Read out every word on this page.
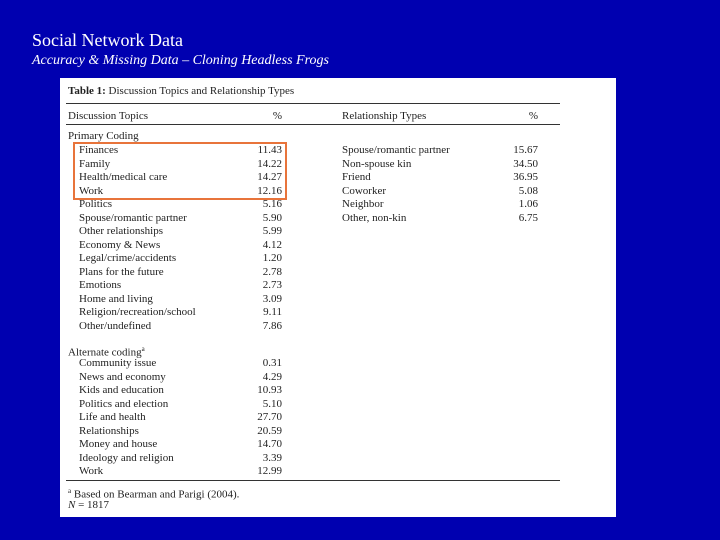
Social Network Data
Accuracy & Missing Data – Cloning Headless Frogs
Table 1: Discussion Topics and Relationship Types
Discussion Topics	%	Relationship Types	%
Primary Coding
Finances	11.43	Spouse/romantic partner	15.67
Family	14.22	Non-spouse kin	34.50
Health/medical care	14.27	Friend	36.95
Work	12.16	Coworker	5.08
Politics	5.16	Neighbor	1.06
Spouse/romantic partner	5.90	Other, non-kin	6.75
Other relationships	5.99
Economy & News	4.12
Legal/crime/accidents	1.20
Plans for the future	2.78
Emotions	2.73
Home and living	3.09
Religion/recreation/school	9.11
Other/undefined	7.86
Alternate coding$^a$
Community issue	0.31
News and economy	4.29
Kids and education	10.93
Politics and election	5.10
Life and health	27.70
Relationships	20.59
Money and house	14.70
Ideology and religion	3.39
Work	12.99
$^a$ Based on Bearman and Parigi (2004).
N = 1817
